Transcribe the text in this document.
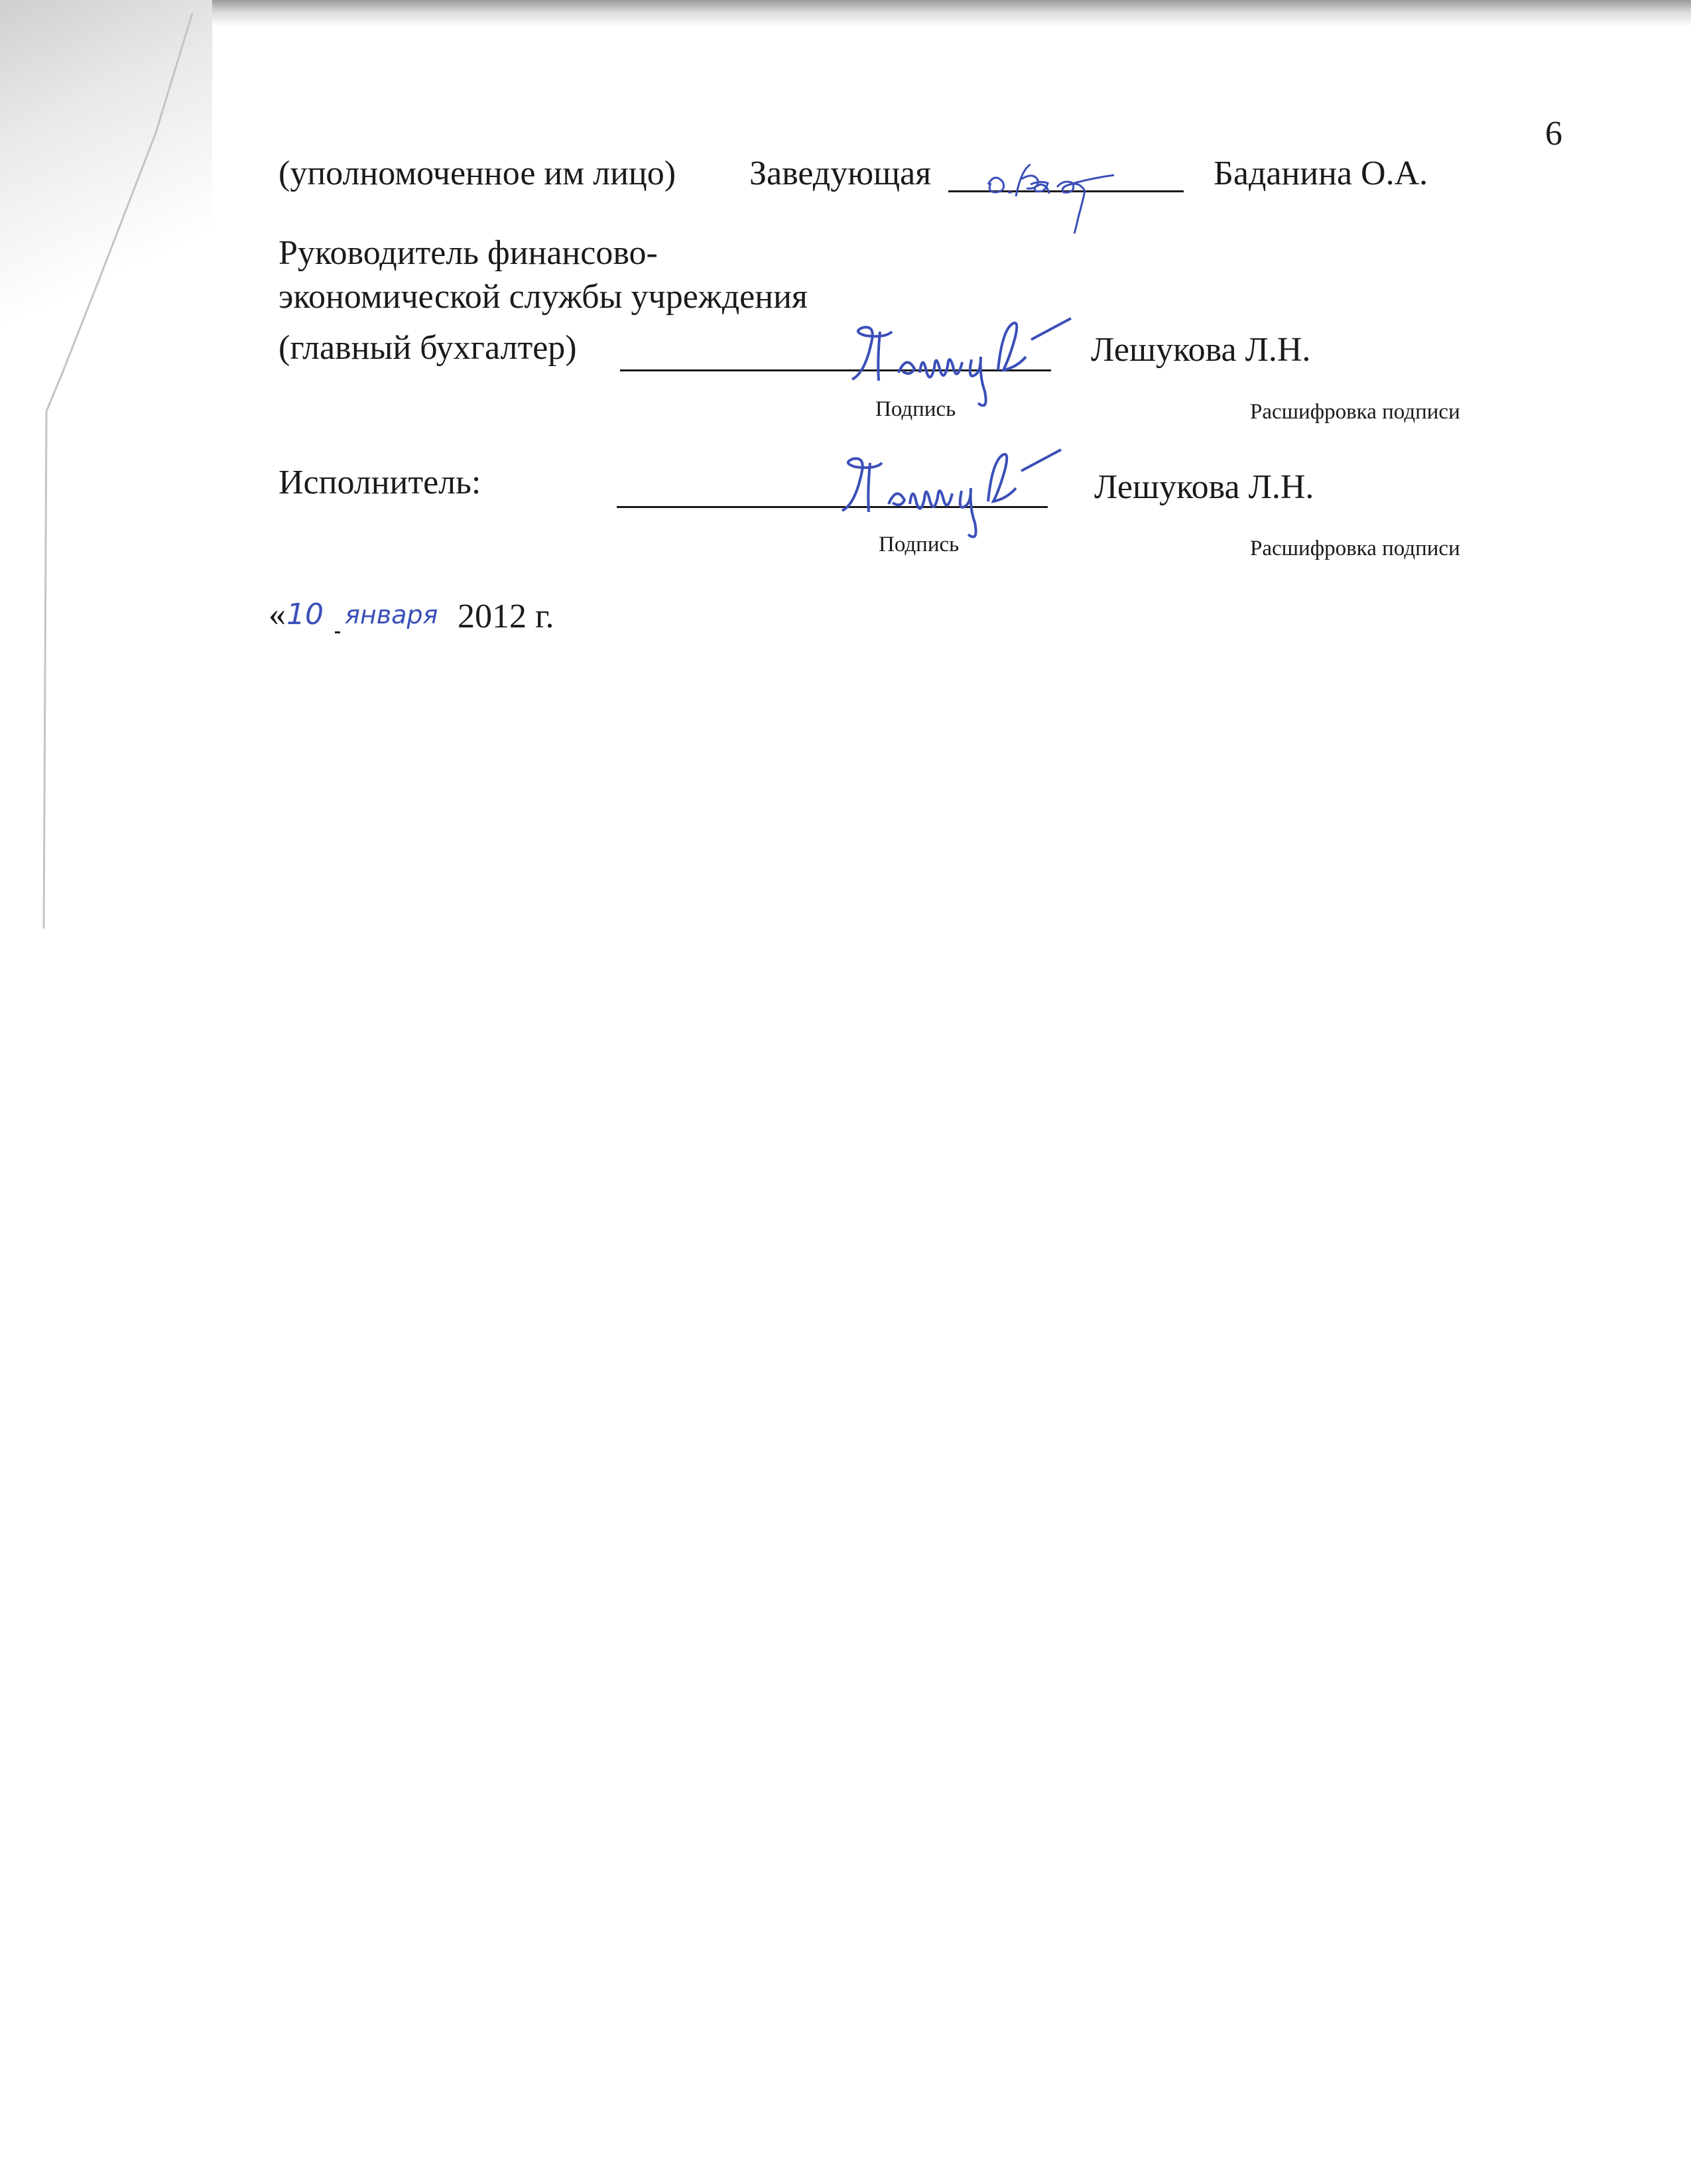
6
(уполномоченное им лицо) Заведующая	Баданина О.А.
Руководитель финансово-
экономической службы учреждения
(главный бухгалтер)	Лешукова Л.Н.
Подпись	Расшифровка подписи
Исполнитель:	Лешукова Л.Н.
Подпись	Расшифровка подписи
« 10 января 2012 г.
